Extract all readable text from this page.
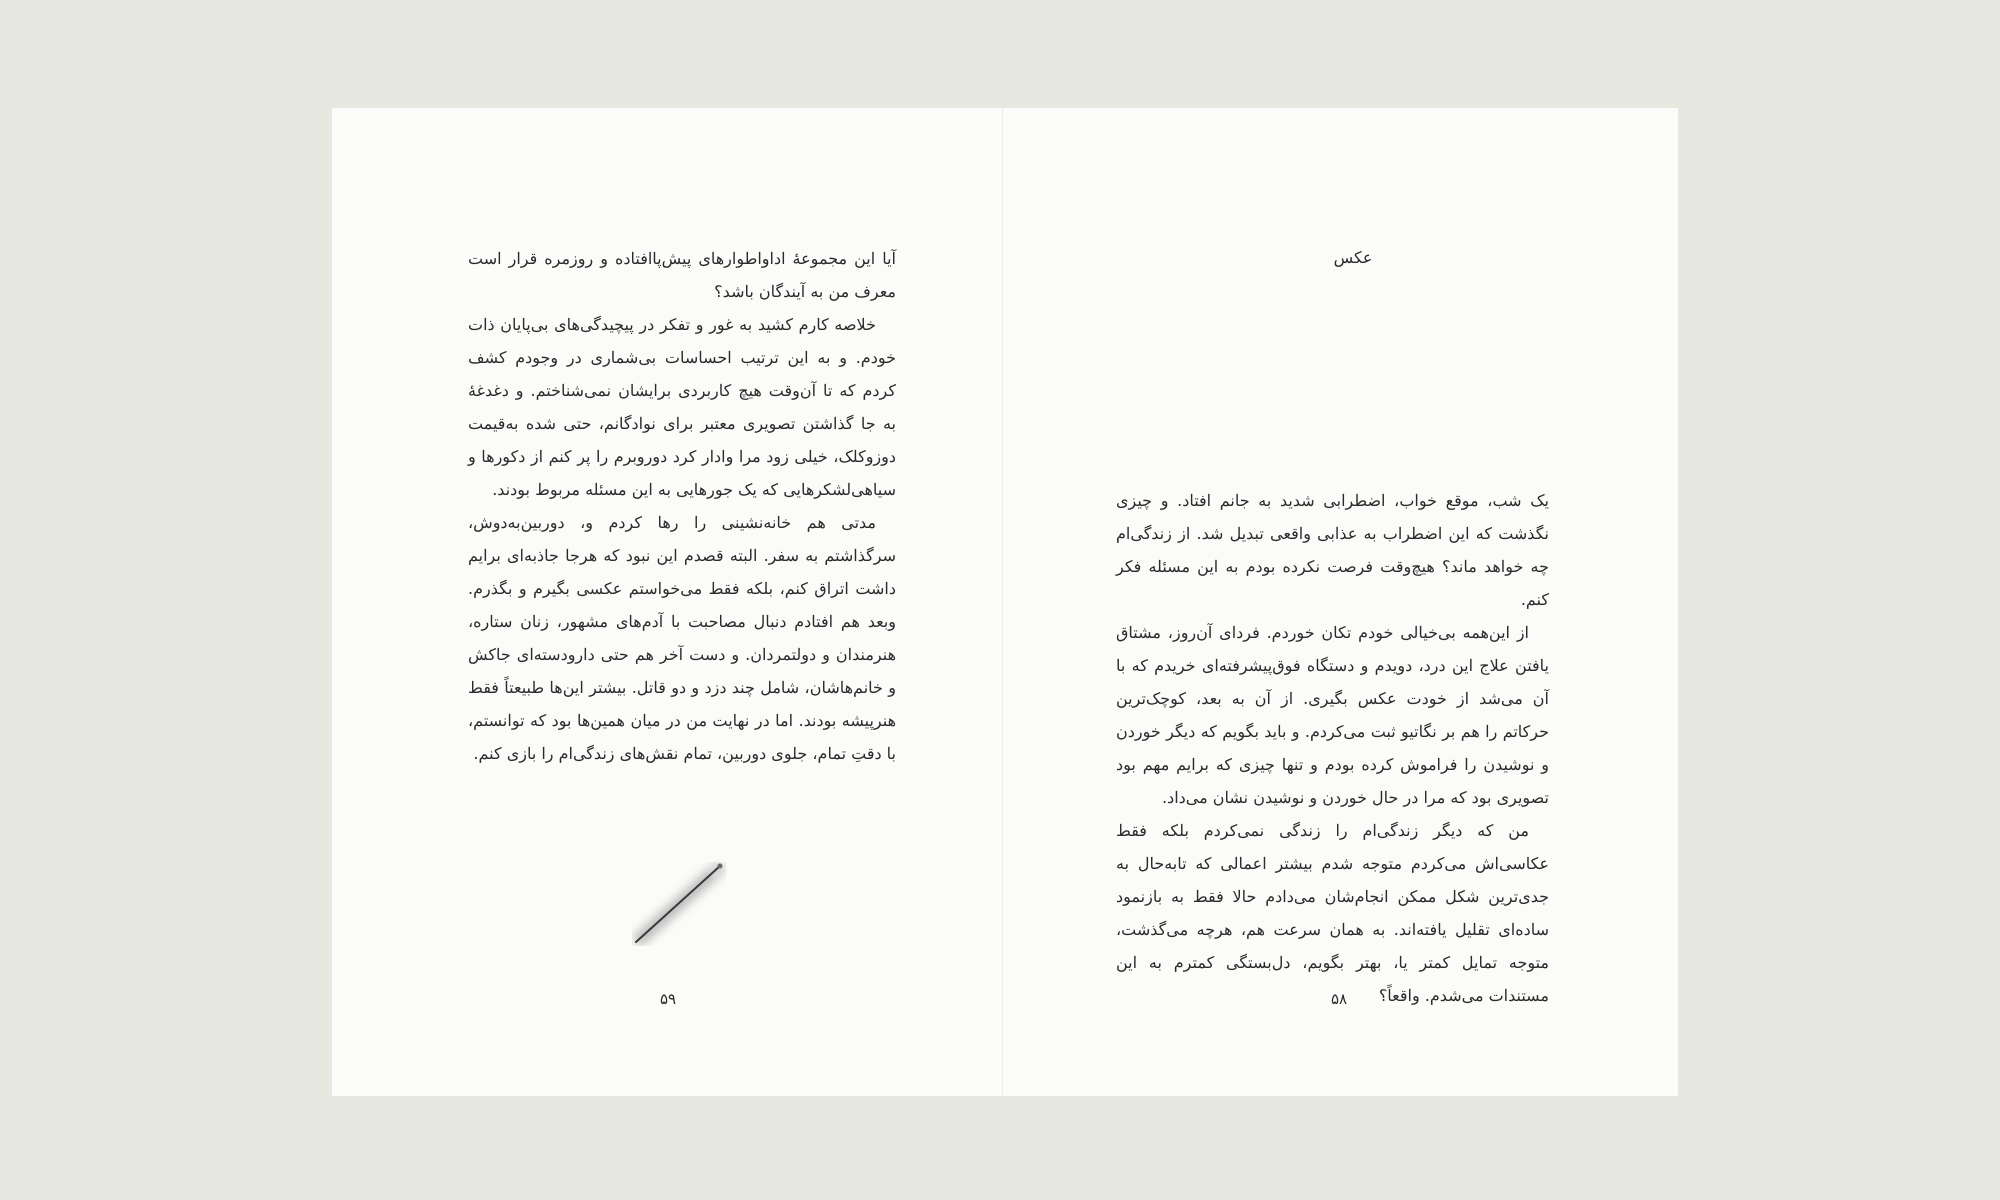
آیا این مجموعهٔ اداواطوارهای پیش‌پاافتاده و روزمره قرار است معرف من به آیندگان باشد؟

خلاصه کارم کشید به غور و تفکر در پیچیدگی‌های بی‌پایان ذات خودم. و به این ترتیب احساسات بی‌شماری در وجودم کشف کردم که تا آن‌وقت هیچ کاربردی برایشان نمی‌شناختم. و دغدغهٔ به جا گذاشتن تصویری معتبر برای نوادگانم، حتی شده به‌قیمت دوزوکلک، خیلی زود مرا وادار کرد دوروبرم را پر کنم از دکورها و سیاهی‌لشکرهایی که یک جورهایی به این مسئله مربوط بودند.

مدتی هم خانه‌نشینی را رها کردم و، دوربین‌به‌دوش، سرگذاشتم به سفر. البته قصدم این نبود که هرجا جاذبه‌ای برایم داشت اتراق کنم، بلکه فقط می‌خواستم عکسی بگیرم و بگذرم. وبعد هم افتادم دنبال مصاحبت با آدم‌های مشهور، زنان ستاره، هنرمندان و دولتمردان. و دست آخر هم حتی دارودسته‌ای جاکش و خانم‌هاشان، شامل چند دزد و دو قاتل. بیشتر این‌ها طبیعتاً فقط هنرپیشه بودند. اما در نهایت من در میان همین‌ها بود که توانستم، با دقتِ تمام، جلوی دوربین، تمام نقش‌های زندگی‌ام را بازی کنم.

۵۹
عکس

یک شب، موقع خواب، اضطرابی شدید به جانم افتاد. و چیزی نگذشت که این اضطراب به عذابی واقعی تبدیل شد. از زندگی‌ام چه خواهد ماند؟ هیچ‌وقت فرصت نکرده بودم به این مسئله فکر کنم.

از این‌همه بی‌خیالی خودم تکان خوردم. فردای آن‌روز، مشتاق یافتن علاج این درد، دویدم و دستگاه فوق‌پیشرفته‌ای خریدم که با آن می‌شد از خودت عکس بگیری. از آن به بعد، کوچک‌ترین حرکاتم را هم بر نگاتیو ثبت می‌کردم. و باید بگویم که دیگر خوردن و نوشیدن را فراموش کرده بودم و تنها چیزی که برایم مهم بود تصویری بود که مرا در حال خوردن و نوشیدن نشان می‌داد.

من که دیگر زندگی‌ام را زندگی نمی‌کردم بلکه فقط عکاسی‌اش می‌کردم متوجه شدم بیشتر اعمالی که تابه‌حال به جدی‌ترین شکل ممکن انجام‌شان می‌دادم حالا فقط به بازنمود ساده‌ای تقلیل یافته‌اند. به همان سرعت هم، هرچه می‌گذشت، متوجه تمایل کمتر یا، بهتر بگویم، دل‌بستگی کمترم به این مستندات می‌شدم. واقعاً؟

۵۸
